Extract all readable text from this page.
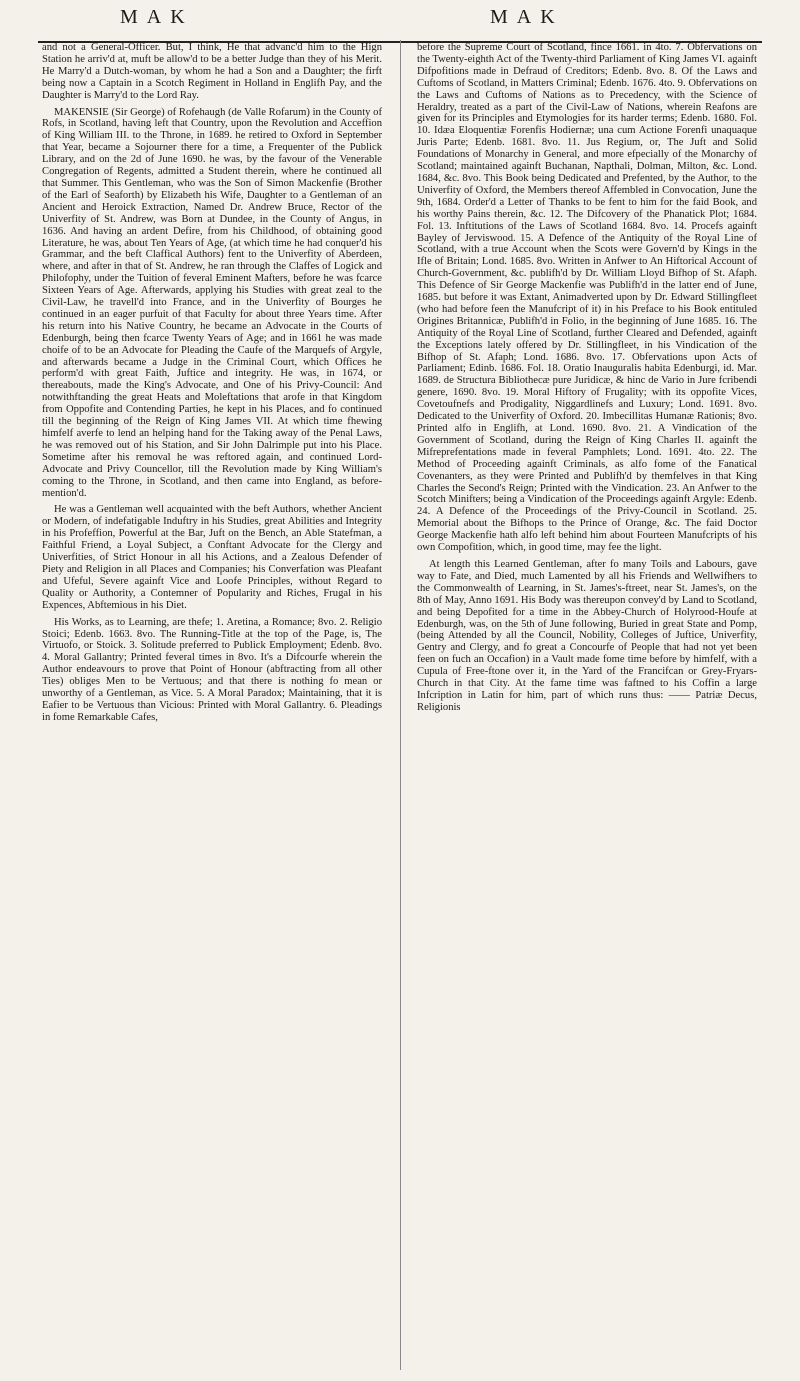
MAK	MAK

and not a General-Officer. But, I think, He that advanc'd him to the Hign Station he arriv'd at, muft be allow'd to be a better Judge than they of his Merit. He Marry'd a Dutch-woman, by whom he had a Son and a Daughter; the firft being now a Captain in a Scotch Regiment in Holland in Englifh Pay, and the Daughter is Marry'd to the Lord Ray.

MAKENSIE (Sir George) of Rofehaugh (de Valle Rofarum) in the County of Rofs, in Scotland, having left that Country, upon the Revolution and Acceffion of King William III. to the Throne, in 1689. he retired to Oxford in September that Year, became a Sojourner there for a time, a Frequenter of the Publick Library, and on the 2d of June 1690. he was, by the favour of the Venerable Congregation of Regents, admitted a Student therein, where he continued all that Summer. This Gentleman, who was the Son of Simon Mackenfie (Brother of the Earl of Seaforth) by Elizabeth his Wife, Daughter to a Gentleman of an Ancient and Heroick Extraction, Named Dr. Andrew Bruce, Rector of the Univerfity of St. Andrew, was Born at Dundee, in the County of Angus, in 1636. And having an ardent Defire, from his Childhood, of obtaining good Literature, he was, about Ten Years of Age, (at which time he had conquer'd his Grammar, and the beft Claffical Authors) fent to the Univerfity of Aberdeen, where, and after in that of St. Andrew, he ran through the Claffes of Logick and Philofophy, under the Tuition of feveral Eminent Mafters, before he was fcarce Sixteen Years of Age. Afterwards, applying his Studies with great zeal to the Civil-Law, he travell'd into France, and in the Univerfity of Bourges he continued in an eager purfuit of that Faculty for about three Years time. After his return into his Native Country, he became an Advocate in the Courts of Edenburgh, being then fcarce Twenty Years of Age; and in 1661 he was made choife of to be an Advocate for Pleading the Caufe of the Marquefs of Argyle, and afterwards became a Judge in the Criminal Court, which Offices he perform'd with great Faith, Juftice and integrity. He was, in 1674, or thereabouts, made the King's Advocate, and One of his Privy-Council: And notwithftanding the great Heats and Moleftations that arofe in that Kingdom from Oppofite and Contending Parties, he kept in his Places, and fo continued till the beginning of the Reign of King James VII. At which time fhewing himfelf averfe to lend an helping hand for the Taking away of the Penal Laws, he was removed out of his Station, and Sir John Dalrimple put into his Place. Sometime after his removal he was reftored again, and continued Lord-Advocate and Privy Councellor, till the Revolution made by King William's coming to the Throne, in Scotland, and then came into England, as before-mention'd.

He was a Gentleman well acquainted with the beft Authors, whether Ancient or Modern, of indefatigable Induftry in his Studies, great Abilities and Integrity in his Profeffion, Powerful at the Bar, Juft on the Bench, an Able Statefman, a Faithful Friend, a Loyal Subject, a Conftant Advocate for the Clergy and Univerfities, of Strict Honour in all his Actions, and a Zealous Defender of Piety and Religion in all Places and Companies; his Converfation was Pleafant and Ufeful, Severe againft Vice and Loofe Principles, without Regard to Quality or Authority, a Contemner of Popularity and Riches, Frugal in his Expences, Abftemious in his Diet.

His Works, as to Learning, are thefe; 1. Aretina, a Romance; 8vo. 2. Religio Stoici; Edenb. 1663. 8vo. The Running-Title at the top of the Page, is, The Virtuofo, or Stoick. 3. Solitude preferred to Publick Employment; Edenb. 8vo. 4. Moral Gallantry; Printed feveral times in 8vo. It's a Difcourfe wherein the Author endeavours to prove that Point of Honour (abftracting from all other Ties) obliges Men to be Vertuous; and that there is nothing fo mean or unworthy of a Gentleman, as Vice. 5. A Moral Paradox; Maintaining, that it is Eafier to be Vertuous than Vicious: Printed with Moral Gallantry. 6. Pleadings in fome Remarkable Cafes,

before the Supreme Court of Scotland, fince 1661. in 4to. 7. Obfervations on the Twenty-eighth Act of the Twenty-third Parliament of King James VI. againft Difpofitions made in Defraud of Creditors; Edenb. 8vo. 8. Of the Laws and Cuftoms of Scotland, in Matters Criminal; Edenb. 1676. 4to. 9. Obfervations on the Laws and Cuftoms of Nations as to Precedency, with the Science of Heraldry, treated as a part of the Civil-Law of Nations, wherein Reafons are given for its Principles and Etymologies for its harder terms; Edenb. 1680. Fol. 10. Idæa Eloquentiæ Forenfis Hodiernæ; una cum Actione Forenfi unaquaque Juris Parte; Edenb. 1681. 8vo. 11. Jus Regium, or, The Juft and Solid Foundations of Monarchy in General, and more efpecially of the Monarchy of Scotland; maintained againft Buchanan, Napthali, Dolman, Milton, &c. Lond. 1684, &c. 8vo. This Book being Dedicated and Prefented, by the Author, to the Univerfity of Oxford, the Members thereof Affembled in Convocation, June the 9th, 1684. Order'd a Letter of Thanks to be fent to him for the faid Book, and his worthy Pains therein, &c. 12. The Difcovery of the Phanatick Plot; 1684. Fol. 13. Inftitutions of the Laws of Scotland 1684. 8vo. 14. Procefs againft Bayley of Jerviswood. 15. A Defence of the Antiquity of the Royal Line of Scotland, with a true Account when the Scots were Govern'd by Kings in the Ifle of Britain; Lond. 1685. 8vo. Written in Anfwer to An Hiftorical Account of Church-Government, &c. publifh'd by Dr. William Lloyd Bifhop of St. Afaph. This Defence of Sir George Mackenfie was Publifh'd in the latter end of June, 1685. but before it was Extant, Animadverted upon by Dr. Edward Stillingfleet (who had before feen the Manufcript of it) in his Preface to his Book entituled Origines Britannicæ, Publifh'd in Folio, in the beginning of June 1685. 16. The Antiquity of the Royal Line of Scotland, further Cleared and Defended, againft the Exceptions lately offered by Dr. Stillingfleet, in his Vindication of the Bifhop of St. Afaph; Lond. 1686. 8vo. 17. Obfervations upon Acts of Parliament; Edinb. 1686. Fol. 18. Oratio Inauguralis habita Edenburgi, id. Mar. 1689. de Structura Bibliothecæ pure Juridicæ, & hinc de Vario in Jure fcribendi genere, 1690. 8vo. 19. Moral Hiftory of Frugality; with its oppofite Vices, Covetoufnefs and Prodigality, Niggardlinefs and Luxury; Lond. 1691. 8vo. Dedicated to the Univerfity of Oxford. 20. Imbecillitas Humanæ Rationis; 8vo. Printed alfo in Englifh, at Lond. 1690. 8vo. 21. A Vindication of the Government of Scotland, during the Reign of King Charles II. againft the Mifreprefentations made in feveral Pamphlets; Lond. 1691. 4to. 22. The Method of Proceeding againft Criminals, as alfo fome of the Fanatical Covenanters, as they were Printed and Publifh'd by themfelves in that King Charles the Second's Reign; Printed with the Vindication. 23. An Anfwer to the Scotch Minifters; being a Vindication of the Proceedings againft Argyle: Edenb. 24. A Defence of the Proceedings of the Privy-Council in Scotland. 25. Memorial about the Bifhops to the Prince of Orange, &c. The faid Doctor George Mackenfie hath alfo left behind him about Fourteen Manufcripts of his own Compofition, which, in good time, may fee the light.

At length this Learned Gentleman, after fo many Toils and Labours, gave way to Fate, and Died, much Lamented by all his Friends and Wellwifhers to the Commonwealth of Learning, in St. James's-ftreet, near St. James's, on the 8th of May, Anno 1691. His Body was thereupon convey'd by Land to Scotland, and being Depofited for a time in the Abbey-Church of Holyrood-Houfe at Edenburgh, was, on the 5th of June following, Buried in great State and Pomp, (being Attended by all the Council, Nobility, Colleges of Juftice, Univerfity, Gentry and Clergy, and fo great a Concourfe of People that had not yet been feen on fuch an Occafion) in a Vault made fome time before by himfelf, with a Cupula of Free-ftone over it, in the Yard of the Francifcan or Grey-Fryars-Church in that City. At the fame time was faftned to his Coffin a large Infcription in Latin for him, part of which runs thus: —— Patriæ Decus, Religionis
